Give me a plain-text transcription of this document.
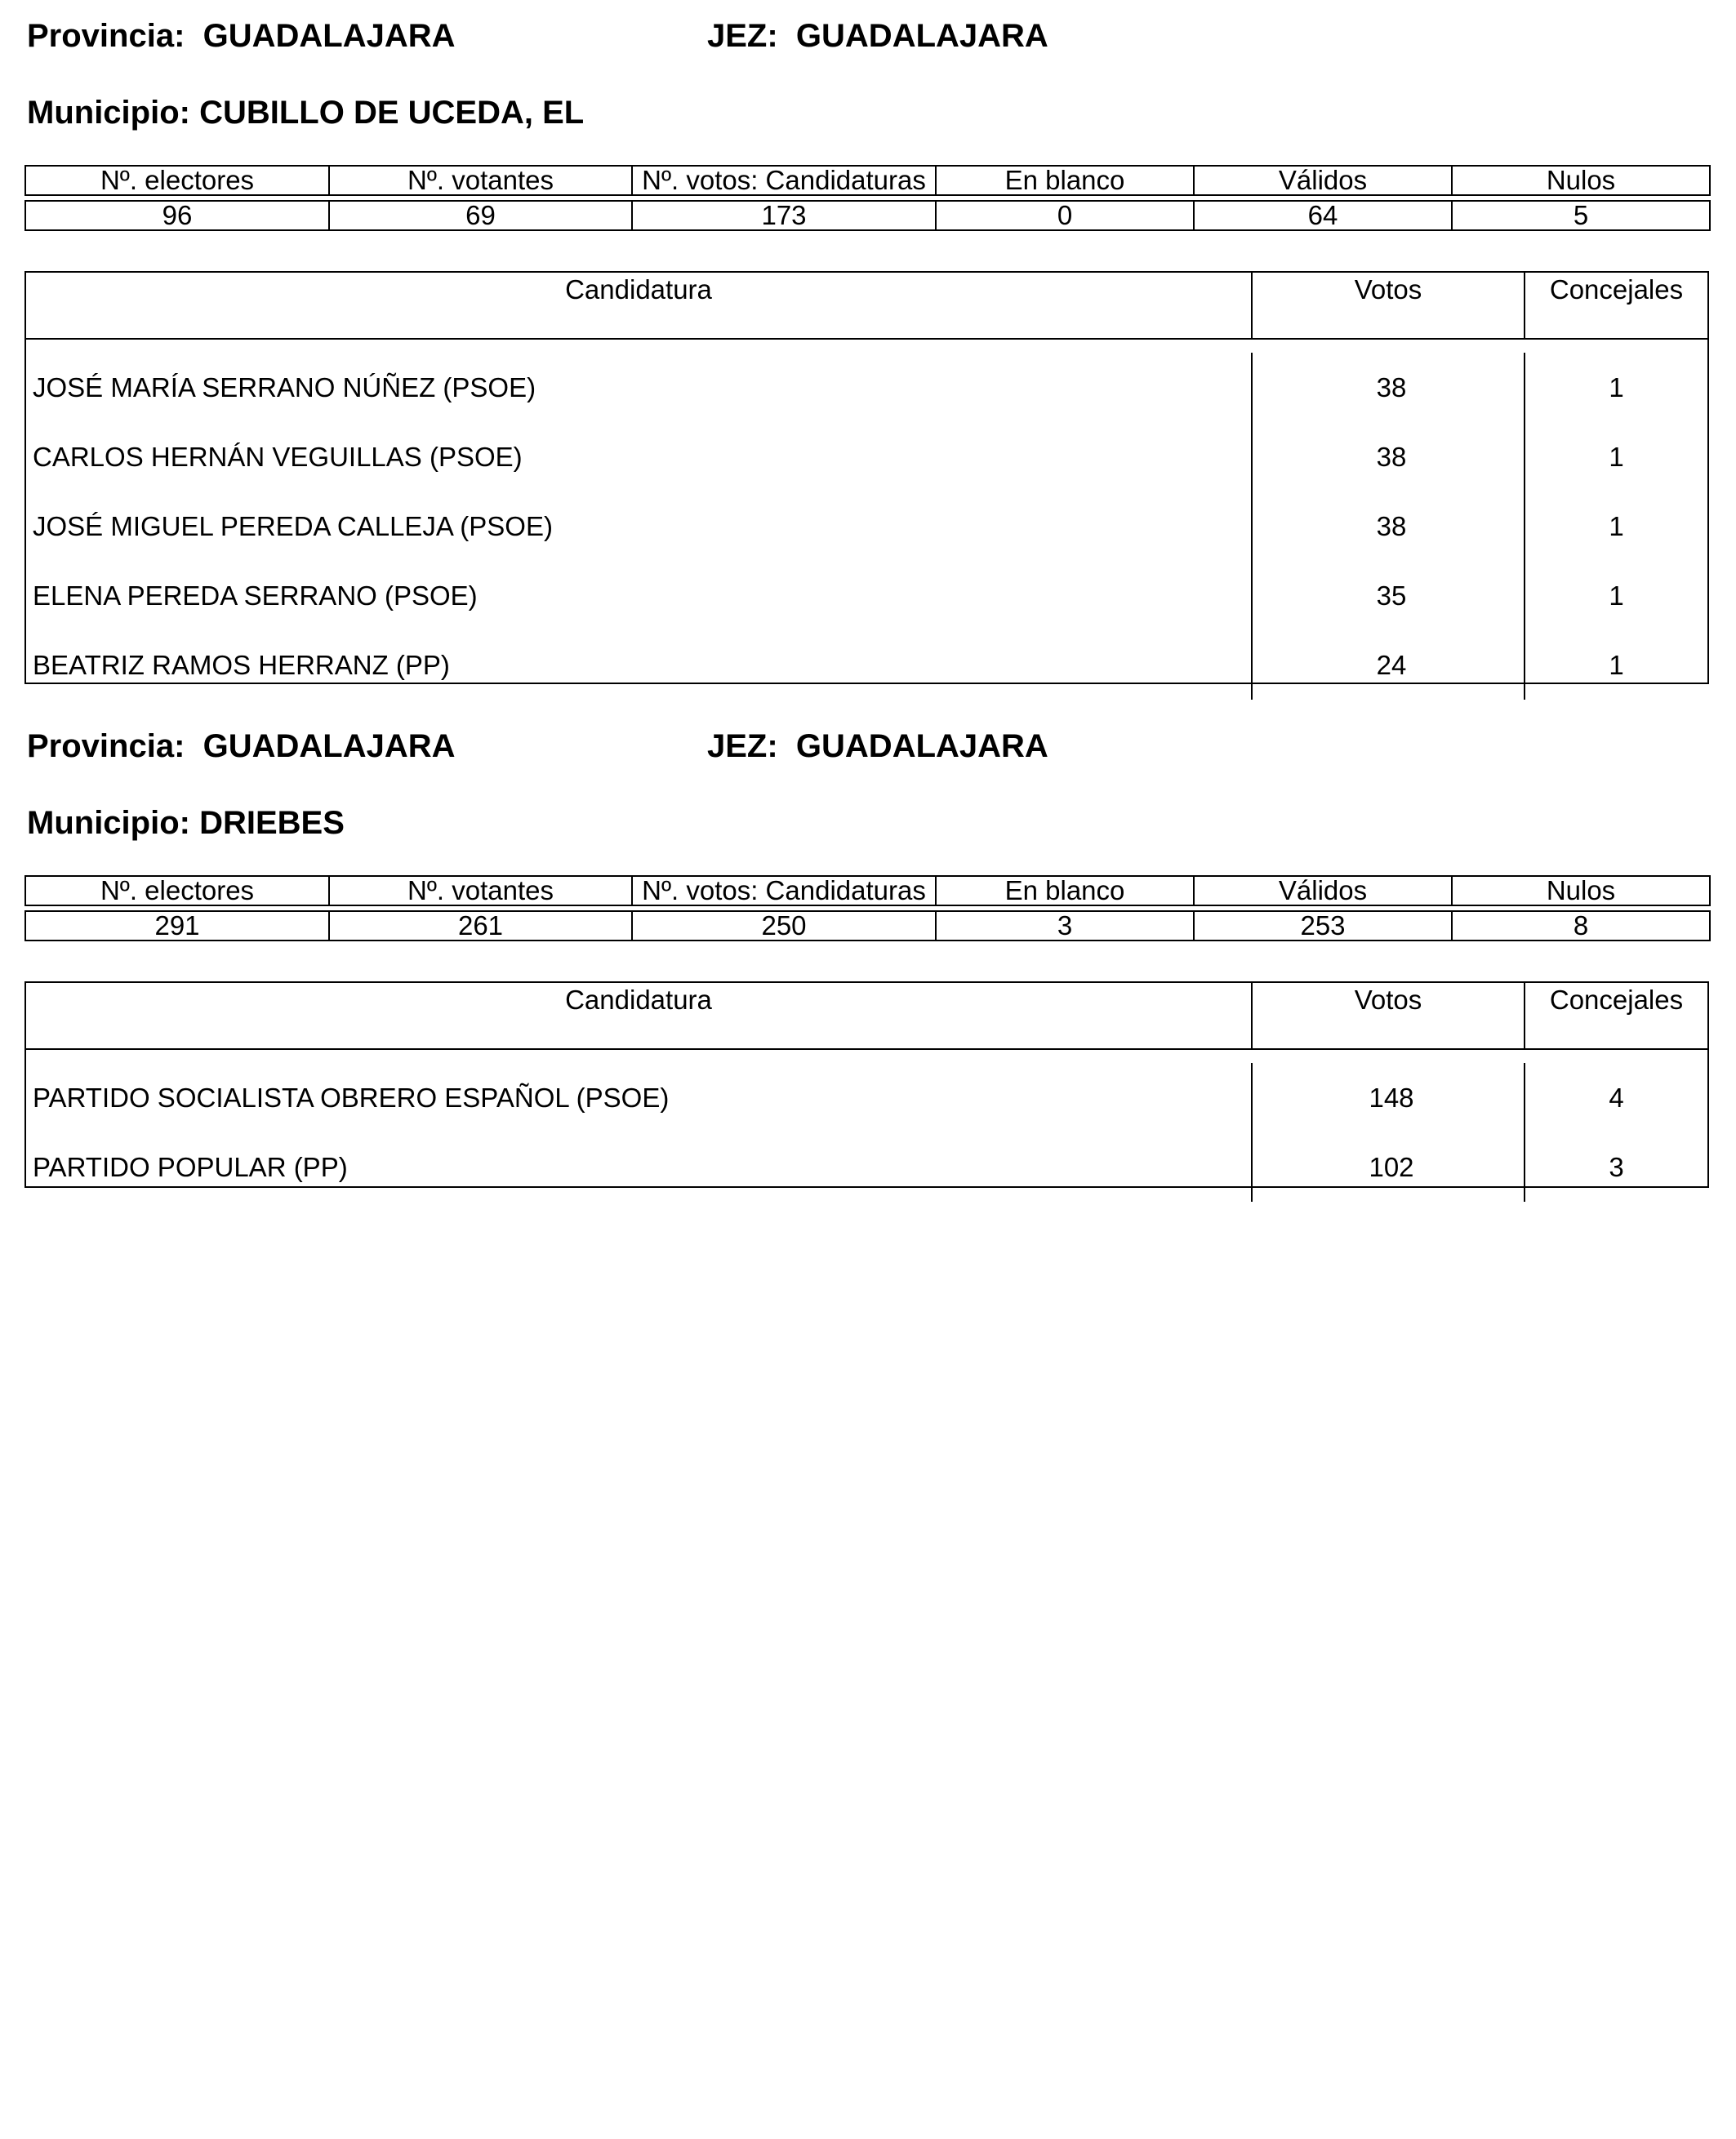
Provincia: GUADALAJARA	JEZ: GUADALAJARA
Municipio: CUBILLO DE UCEDA, EL
Nº. electores	Nº. votantes	Nº. votos: Candidaturas	En blanco	Válidos	Nulos
96	69	173	0	64	5
Candidatura	Votos	Concejales
JOSÉ MARÍA SERRANO NÚÑEZ (PSOE)	38	1
CARLOS HERNÁN VEGUILLAS (PSOE)	38	1
JOSÉ MIGUEL PEREDA CALLEJA (PSOE)	38	1
ELENA PEREDA SERRANO (PSOE)	35	1
BEATRIZ RAMOS HERRANZ (PP)	24	1
Provincia: GUADALAJARA	JEZ: GUADALAJARA
Municipio: DRIEBES
Nº. electores	Nº. votantes	Nº. votos: Candidaturas	En blanco	Válidos	Nulos
291	261	250	3	253	8
Candidatura	Votos	Concejales
PARTIDO SOCIALISTA OBRERO ESPAÑOL (PSOE)	148	4
PARTIDO POPULAR (PP)	102	3
